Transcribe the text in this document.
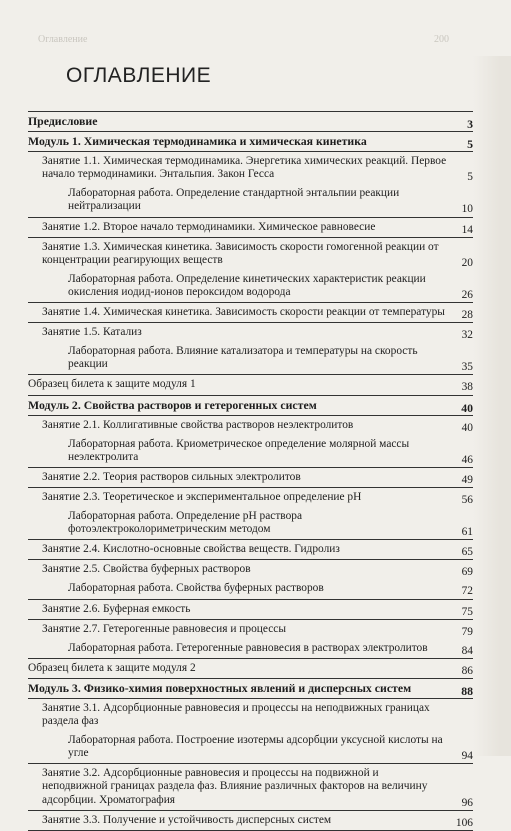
Оглавление	200
ОГЛАВЛЕНИЕ
Предисловие	3
Модуль 1. Химическая термодинамика и химическая кинетика	5
Занятие 1.1. Химическая термодинамика. Энергетика химических реакций. Первое начало термодинамики. Энтальпия. Закон Гесса	5
Лабораторная работа. Определение стандартной энтальпии реакции нейтрализации	10
Занятие 1.2. Второе начало термодинамики. Химическое равновесие	14
Занятие 1.3. Химическая кинетика. Зависимость скорости гомогенной реакции от концентрации реагирующих веществ	20
Лабораторная работа. Определение кинетических характеристик реакции окисления иодид-ионов пероксидом водорода	26
Занятие 1.4. Химическая кинетика. Зависимость скорости реакции от температуры	28
Занятие 1.5. Катализ	32
Лабораторная работа. Влияние катализатора и температуры на скорость реакции	35
Образец билета к защите модуля 1	38
Модуль 2. Свойства растворов и гетерогенных систем	40
Занятие 2.1. Коллигативные свойства растворов неэлектролитов	40
Лабораторная работа. Криометрическое определение молярной массы неэлектролита	46
Занятие 2.2. Теория растворов сильных электролитов	49
Занятие 2.3. Теоретическое и экспериментальное определение pH	56
Лабораторная работа. Определение pH раствора фотоэлектроколориметрическим методом	61
Занятие 2.4. Кислотно-основные свойства веществ. Гидролиз	65
Занятие 2.5. Свойства буферных растворов	69
Лабораторная работа. Свойства буферных растворов	72
Занятие 2.6. Буферная емкость	75
Занятие 2.7. Гетерогенные равновесия и процессы	79
Лабораторная работа. Гетерогенные равновесия в растворах электролитов	84
Образец билета к защите модуля 2	86
Модуль 3. Физико-химия поверхностных явлений и дисперсных систем	88
Занятие 3.1. Адсорбционные равновесия и процессы на неподвижных границах раздела фаз
Лабораторная работа. Построение изотермы адсорбции уксусной кислоты на угле	94
Занятие 3.2. Адсорбционные равновесия и процессы на подвижной и неподвижной границах раздела фаз. Влияние различных факторов на величину адсорбции. Хроматография	96
Занятие 3.3. Получение и устойчивость дисперсных систем	106
